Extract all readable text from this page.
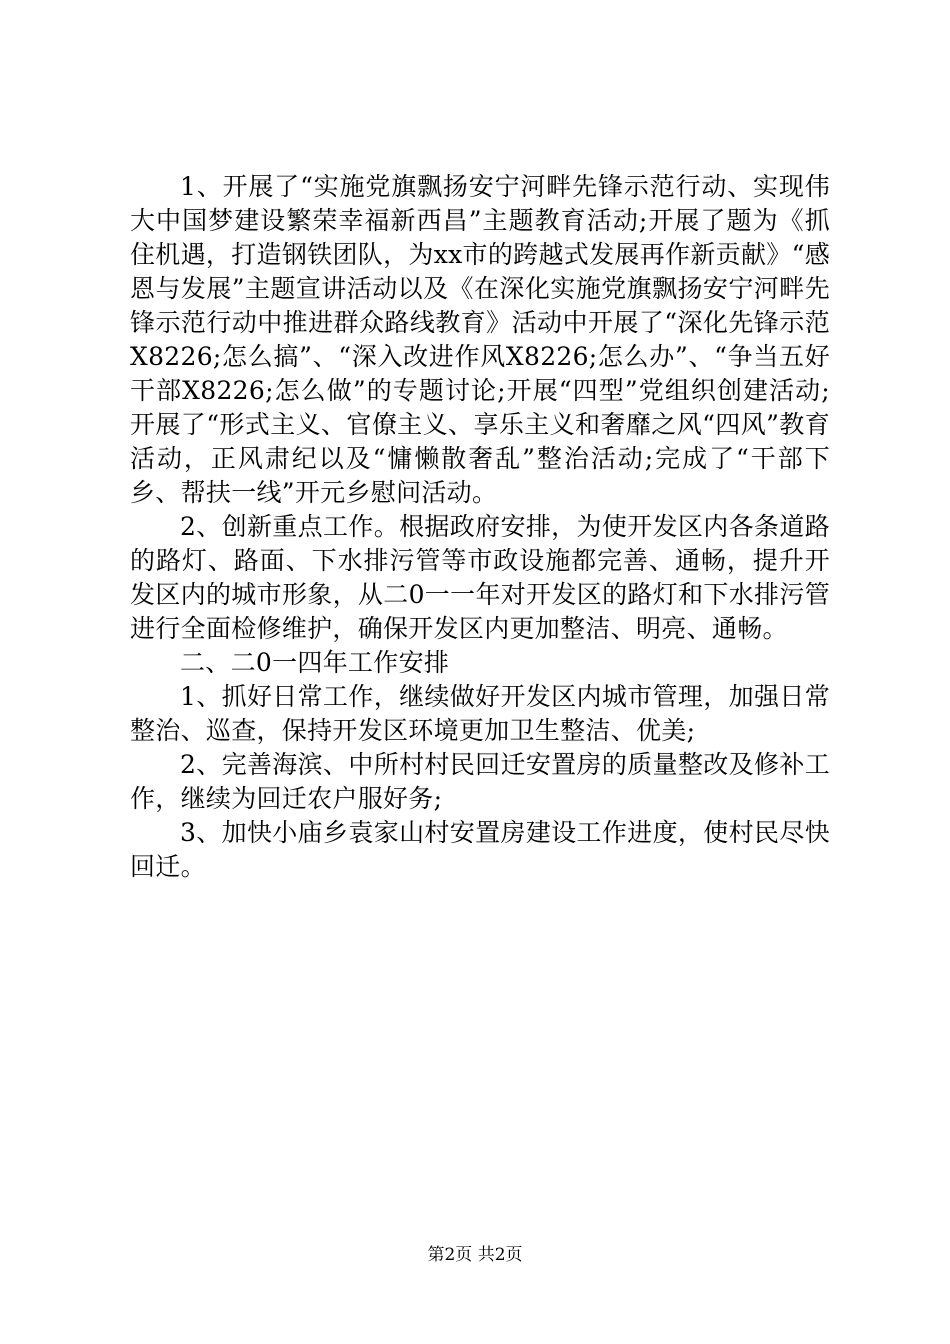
1、开展了“实施党旗飘扬安宁河畔先锋示范行动、实现伟大中国梦建设繁荣幸福新西昌”主题教育活动;开展了题为《抓住机遇，打造钢铁团队，为xx市的跨越式发展再作新贡献》“感恩与发展”主题宣讲活动以及《在深化实施党旗飘扬安宁河畔先锋示范行动中推进群众路线教育》活动中开展了“深化先锋示范X8226;怎么搞”、“深入改进作风X8226;怎么办”、“争当五好干部X8226;怎么做”的专题讨论;开展“四型”党组织创建活动;开展了“形式主义、官僚主义、享乐主义和奢靡之风“四风”教育活动，正风肃纪以及“慵懒散奢乱”整治活动;完成了“干部下乡、帮扶一线”开元乡慰问活动。

2、创新重点工作。根据政府安排，为使开发区内各条道路的路灯、路面、下水排污管等市政设施都完善、通畅，提升开发区内的城市形象，从二0一一年对开发区的路灯和下水排污管进行全面检修维护，确保开发区内更加整洁、明亮、通畅。

二、二0一四年工作安排

1、抓好日常工作，继续做好开发区内城市管理，加强日常整治、巡查，保持开发区环境更加卫生整洁、优美;

2、完善海滨、中所村村民回迁安置房的质量整改及修补工作，继续为回迁农户服好务;

3、加快小庙乡袁家山村安置房建设工作进度，使村民尽快回迁。

第2页 共2页
